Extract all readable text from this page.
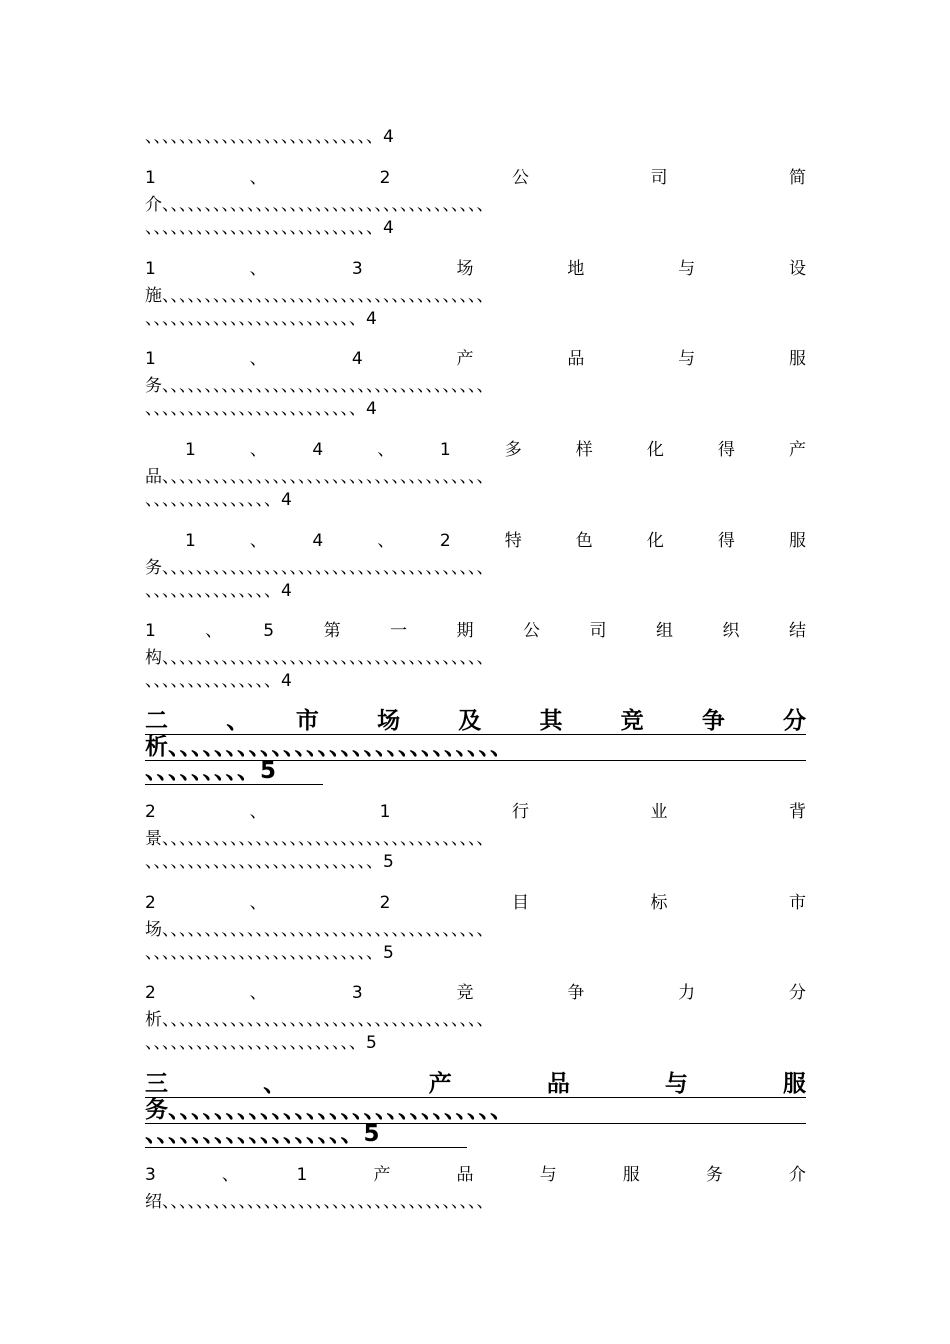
、、、、、、、、、、、、、、、、、、、、、、、、、、、4
1　　　、　　　　2　　　　公　　　　司　　　　简
介、、、、、、、、、、、、、、、、、、、、、、、、、、、、、、、、、、、、、、
、、、、、、、、、、、、、、、、、、、、、、、、、、、4
1　　　、　　　3　　　场　　　地　　　与　　　设
施、、、、、、、、、、、、、、、、、、、、、、、、、、、、、、、、、、、、、、
、、、、、、、、、、、、、、、、、、、、、、、、、4
1　　　、　　　4　　　产　　　品　　　与　　　服
务、、、、、、、、、、、、、、、、、、、、、、、、、、、、、、、、、、、、、、
、、、、、、、、、、、、、、、、、、、、、、、、、4
1　　、　　4　　、　　1　　多　　样　　化　　得　　产
品、、、、、、、、、、、、、、、、、、、、、、、、、、、、、、、、、、、、、、
、、、、、、、、、、、、、、、4
1　　、　　4　　、　　2　　特　　色　　化　　得　　服
务、、、、、、、、、、、、、、、、、、、、、、、、、、、、、、、、、、、、、、
、、、、、、、、、、、、、、、4
1　、　5　第　一　期　公　司　组　织　结
构、、、、、、、、、、、、、、、、、、、、、、、、、、、、、、、、、、、、、、
、、、、、、、、、、、、、、、4
二　　、　　市　　场　　及　　其　　竞　　争　　分
析、、、、、、、、、、、、、、、、、、、、、、、、、、、、、
、、、、、、、、、5
2　　　、　　　　1　　　　行　　　　业　　　　背
景、、、、、、、、、、、、、、、、、、、、、、、、、、、、、、、、、、、、、、
、、、、、、、、、、、、、、、、、、、、、、、、、、、5
2　　　、　　　　2　　　　目　　　　标　　　　市
场、、、、、、、、、、、、、、、、、、、、、、、、、、、、、、、、、、、、、、
、、、、、、、、、、、、、、、、、、、、、、、、、、、5
2　　　、　　　3　　　竞　　　争　　　力　　　分
析、、、、、、、、、、、、、、、、、、、、、、、、、、、、、、、、、、、、、、
、、、、、、、、、、、、、、、、、、、、、、、、、5
三　　　、　　　　　产　　　品　　　与　　　服
务、、、、、、、、、、、、、、、、、、、、、、、、、、、、、
、、、、、、、、、、、、、、、、、、5
3　　、　　1　　产　　品　　与　　服　　务　　介
绍、、、、、、、、、、、、、、、、、、、、、、、、、、、、、、、、、、、、、、
